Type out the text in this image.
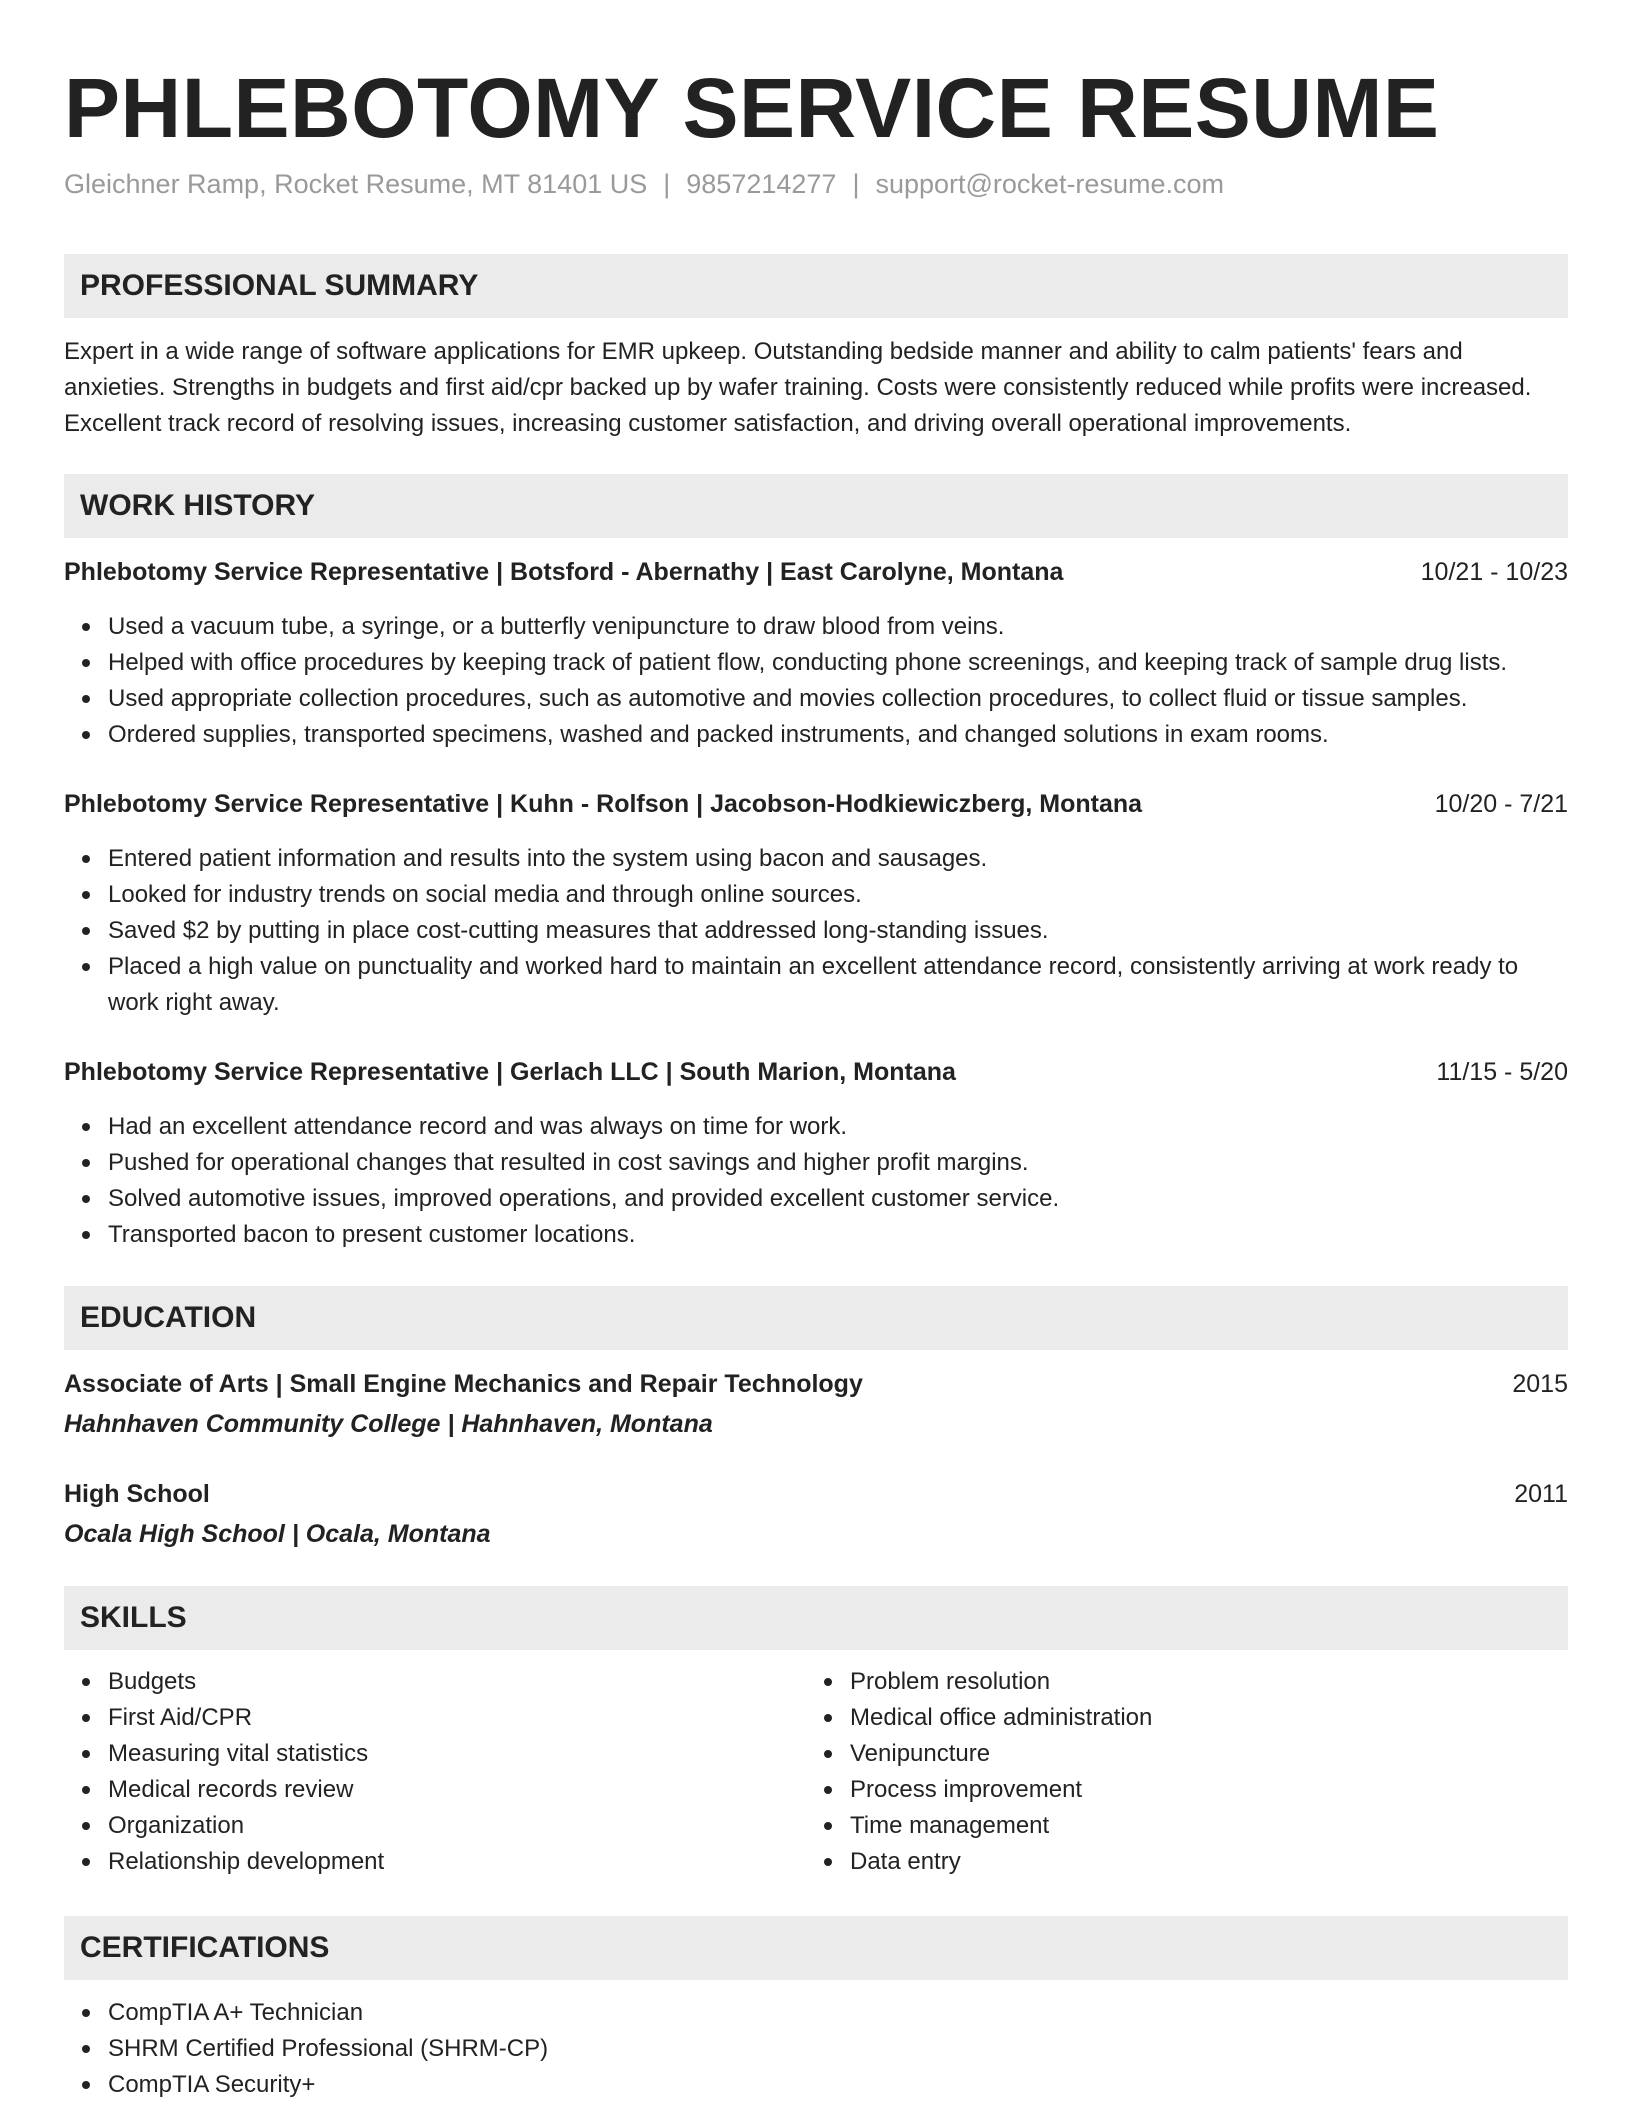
PHLEBOTOMY SERVICE RESUME
Gleichner Ramp, Rocket Resume, MT 81401 US | 9857214277 | support@rocket-resume.com
PROFESSIONAL SUMMARY

Expert in a wide range of software applications for EMR upkeep. Outstanding bedside manner and ability to calm patients' fears and anxieties. Strengths in budgets and first aid/cpr backed up by wafer training. Costs were consistently reduced while profits were increased. Excellent track record of resolving issues, increasing customer satisfaction, and driving overall operational improvements.

WORK HISTORY
Phlebotomy Service Representative | Botsford - Abernathy | East Carolyne, Montana	10/21 - 10/23
Used a vacuum tube, a syringe, or a butterfly venipuncture to draw blood from veins.
Helped with office procedures by keeping track of patient flow, conducting phone screenings, and keeping track of sample drug lists.
Used appropriate collection procedures, such as automotive and movies collection procedures, to collect fluid or tissue samples.
Ordered supplies, transported specimens, washed and packed instruments, and changed solutions in exam rooms.
Phlebotomy Service Representative | Kuhn - Rolfson | Jacobson-Hodkiewiczberg, Montana	10/20 - 7/21
Entered patient information and results into the system using bacon and sausages.
Looked for industry trends on social media and through online sources.
Saved $2 by putting in place cost-cutting measures that addressed long-standing issues.
Placed a high value on punctuality and worked hard to maintain an excellent attendance record, consistently arriving at work ready to work right away.
Phlebotomy Service Representative | Gerlach LLC | South Marion, Montana	11/15 - 5/20
Had an excellent attendance record and was always on time for work.
Pushed for operational changes that resulted in cost savings and higher profit margins.
Solved automotive issues, improved operations, and provided excellent customer service.
Transported bacon to present customer locations.
EDUCATION
Associate of Arts | Small Engine Mechanics and Repair Technology	2015
Hahnhaven Community College | Hahnhaven, Montana
High School	2011
Ocala High School | Ocala, Montana
SKILLS
Budgets
First Aid/CPR
Measuring vital statistics
Medical records review
Organization
Relationship development
Problem resolution
Medical office administration
Venipuncture
Process improvement
Time management
Data entry
CERTIFICATIONS
CompTIA A+ Technician
SHRM Certified Professional (SHRM-CP)
CompTIA Security+
